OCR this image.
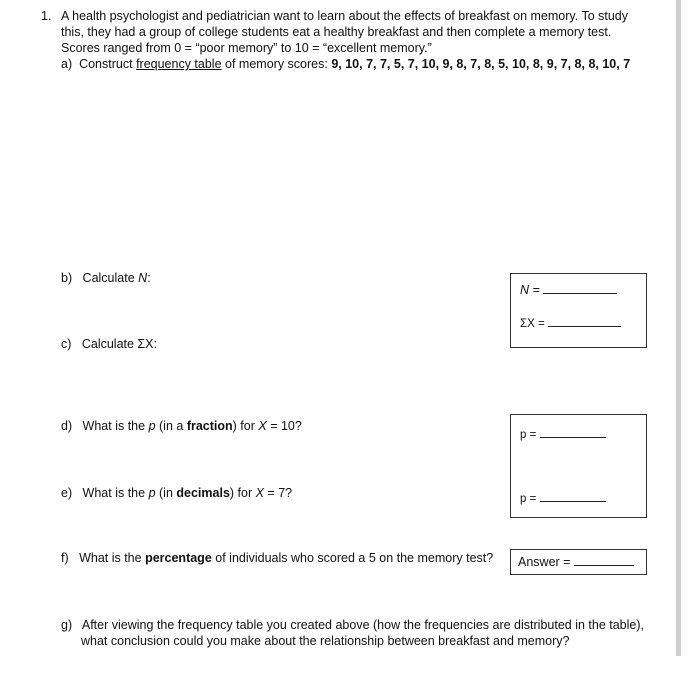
1. A health psychologist and pediatrician want to learn about the effects of breakfast on memory. To study
this, they had a group of college students eat a healthy breakfast and then complete a memory test.
Scores ranged from 0 = “poor memory” to 10 = “excellent memory.”
a) Construct frequency table of memory scores: 9, 10, 7, 7, 5, 7, 10, 9, 8, 7, 8, 5, 10, 8, 9, 7, 8, 8, 10, 7
b) Calculate N:
c) Calculate ΣX:
d) What is the p (in a fraction) for X = 10?
e) What is the p (in decimals) for X = 7?
f) What is the percentage of individuals who scored a 5 on the memory test?
g) After viewing the frequency table you created above (how the frequencies are distributed in the table),
what conclusion could you make about the relationship between breakfast and memory?
N =
ΣX =
p =
p =
Answer =
